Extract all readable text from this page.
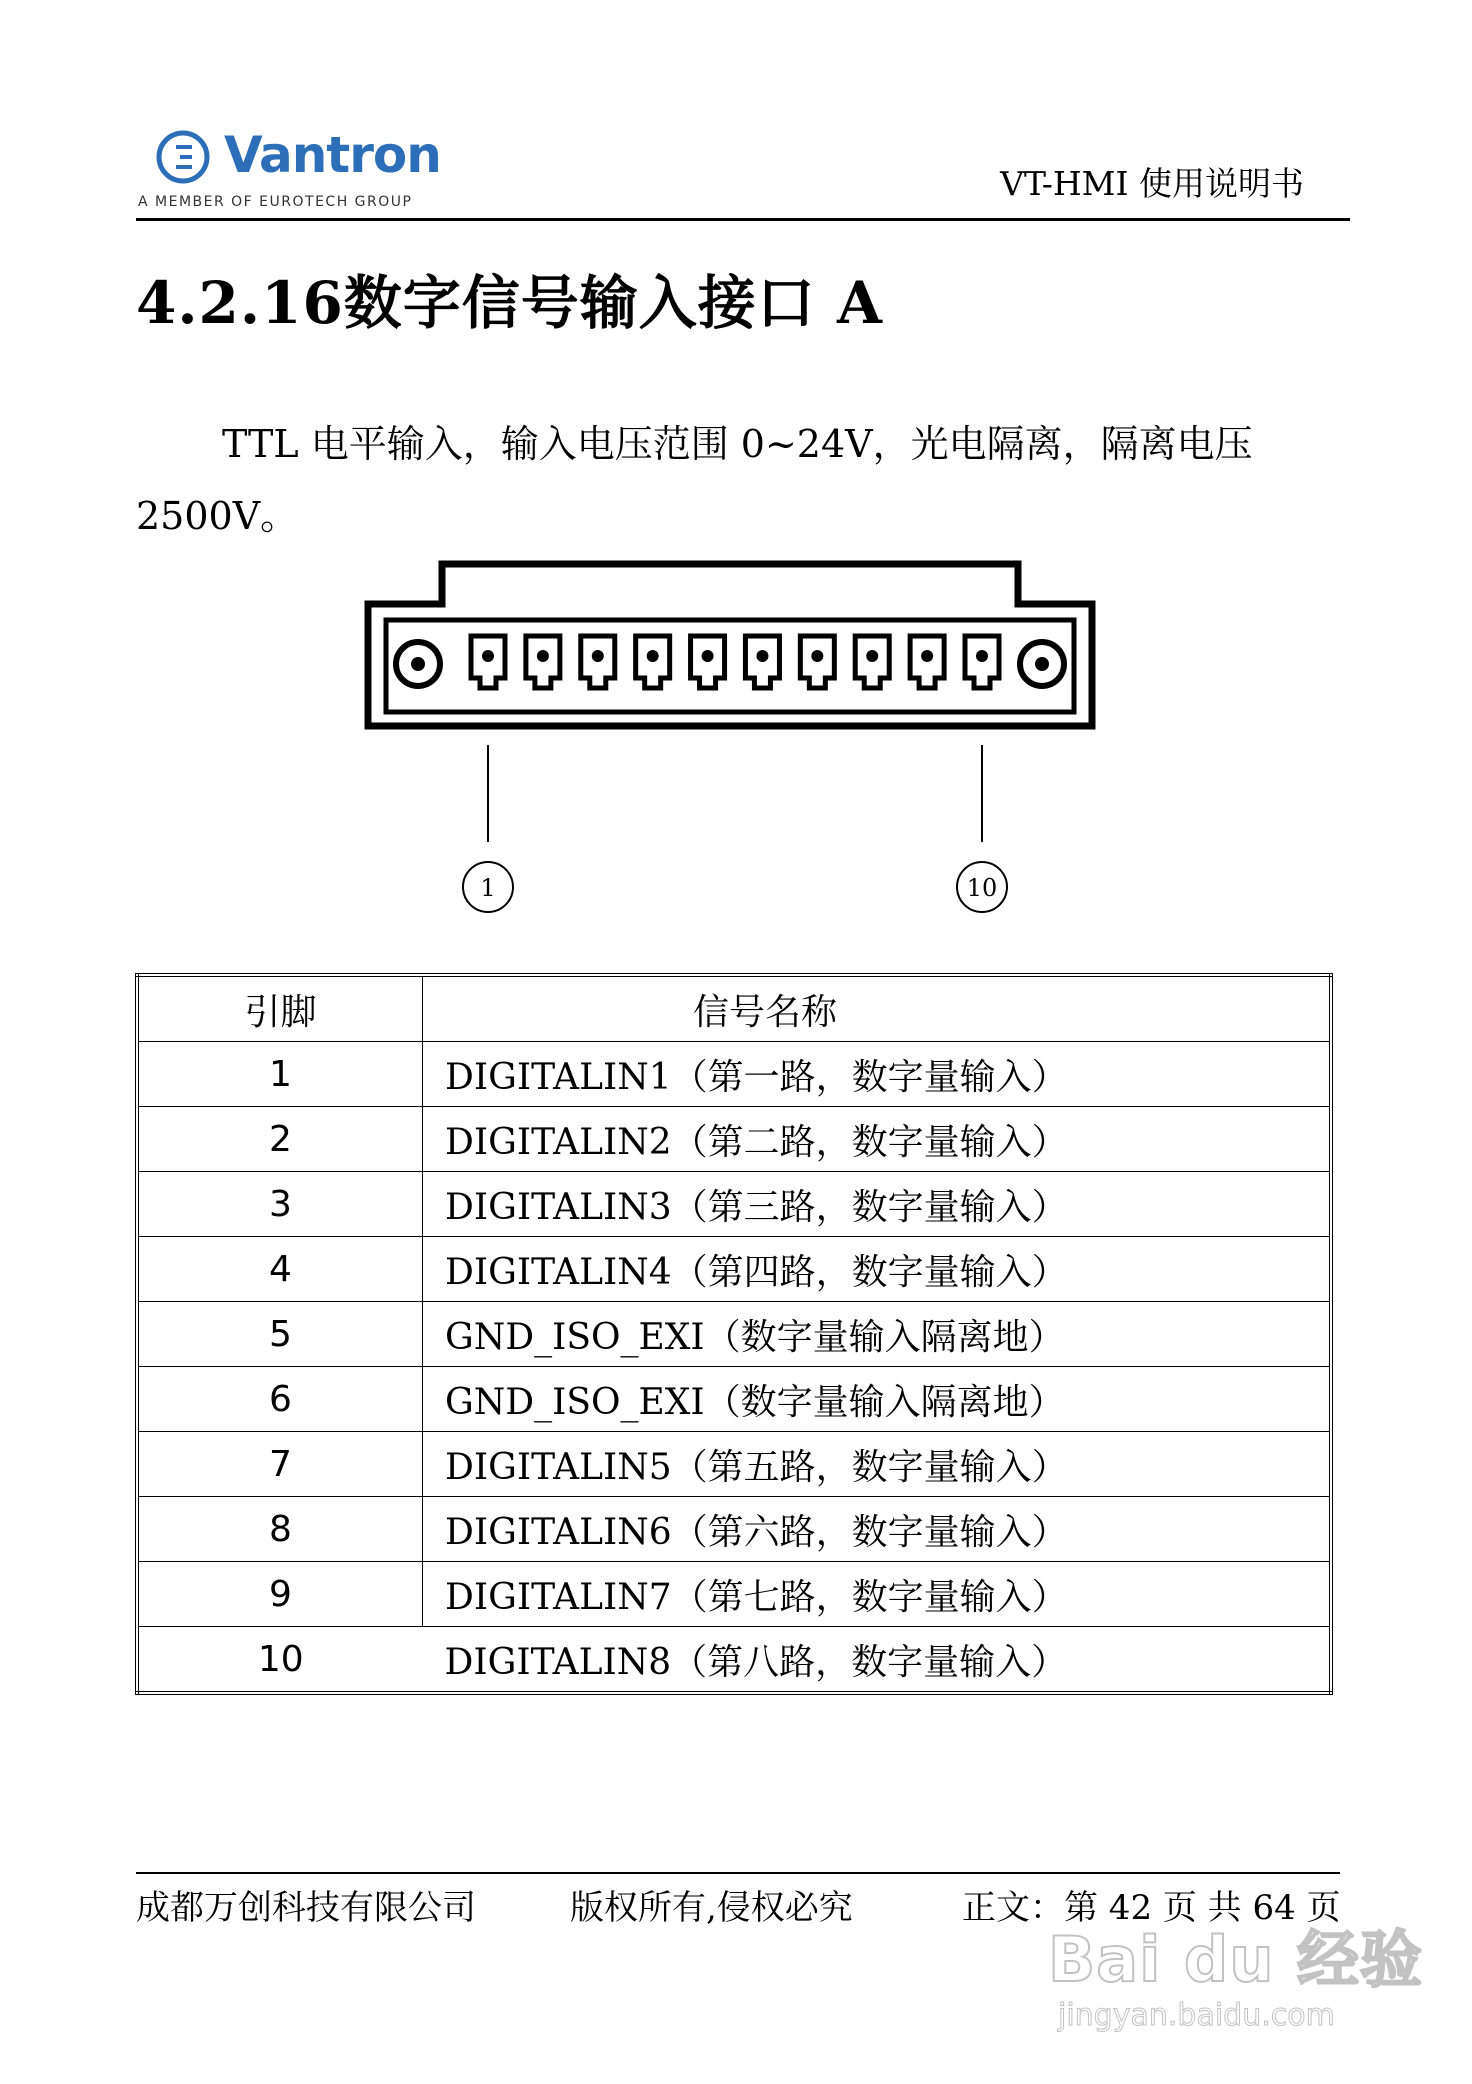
Vantron
A MEMBER OF EUROTECH GROUP	VT-HMI 使用说明书
4.2.16数字信号输入接口 A
TTL 电平输入，输入电压范围 0~24V，光电隔离，隔离电压 2500V。
1	10
引脚	信号名称
1	DIGITALIN1（第一路，数字量输入）
2	DIGITALIN2（第二路，数字量输入）
3	DIGITALIN3（第三路，数字量输入）
4	DIGITALIN4（第四路，数字量输入）
5	GND_ISO_EXI（数字量输入隔离地）
6	GND_ISO_EXI（数字量输入隔离地）
7	DIGITALIN5（第五路，数字量输入）
8	DIGITALIN6（第六路，数字量输入）
9	DIGITALIN7（第七路，数字量输入）
10	DIGITALIN8（第八路，数字量输入）
成都万创科技有限公司	版权所有,侵权必究	正文：第 42 页 共 64 页
Bai du 经验
jingyan.baidu.com
